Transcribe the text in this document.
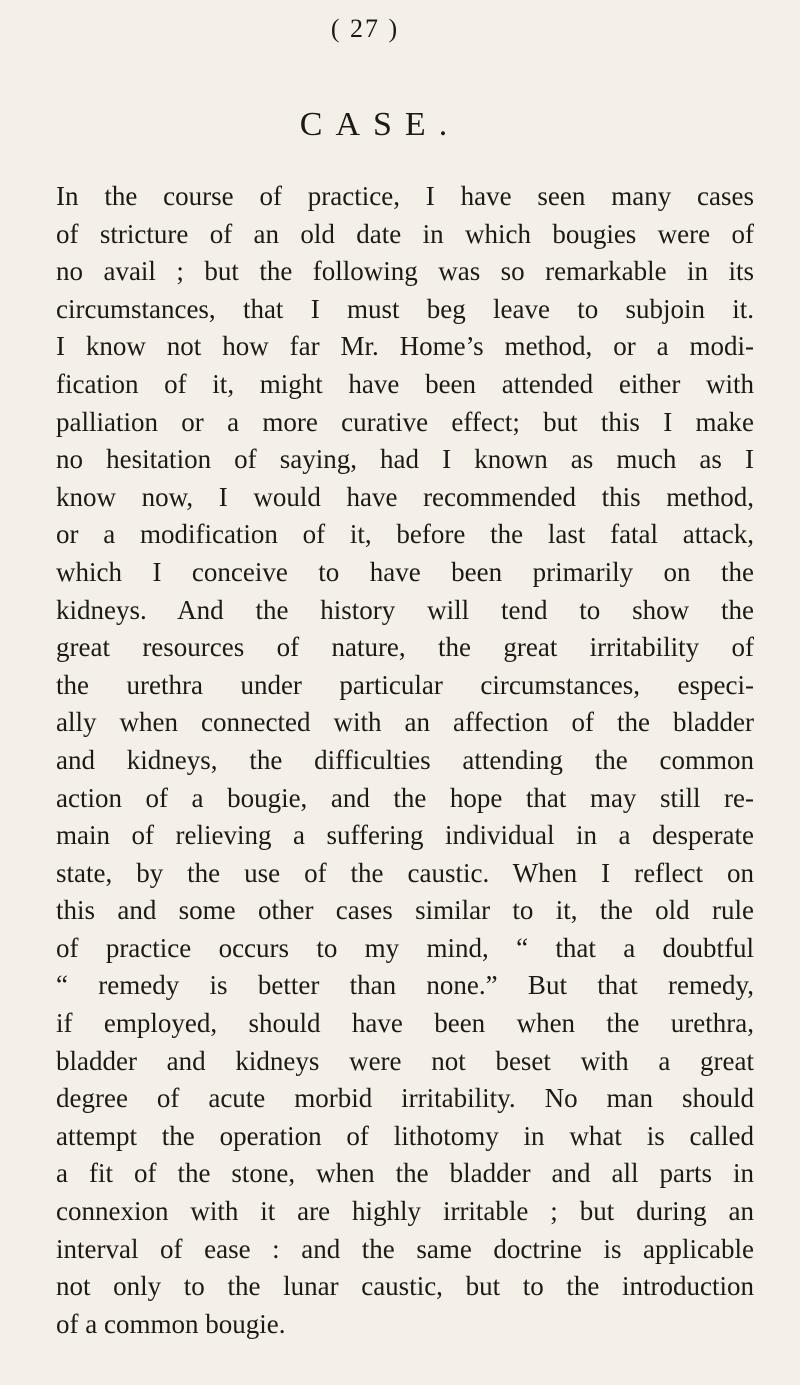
( 27 )
CASE.
In the course of practice, I have seen many cases
of stricture of an old date in which bougies were of
no avail ; but the following was so remarkable in its
circumstances, that I must beg leave to subjoin it.
I know not how far Mr. Home’s method, or a modi-
fication of it, might have been attended either with
palliation or a more curative effect; but this I make
no hesitation of saying, had I known as much as I
know now, I would have recommended this method,
or a modification of it, before the last fatal attack,
which I conceive to have been primarily on the
kidneys. And the history will tend to show the
great resources of nature, the great irritability of
the urethra under particular circumstances, especi-
ally when connected with an affection of the bladder
and kidneys, the difficulties attending the common
action of a bougie, and the hope that may still re-
main of relieving a suffering individual in a desperate
state, by the use of the caustic. When I reflect on
this and some other cases similar to it, the old rule
of practice occurs to my mind, “ that a doubtful
“ remedy is better than none.” But that remedy,
if employed, should have been when the urethra,
bladder and kidneys were not beset with a great
degree of acute morbid irritability. No man should
attempt the operation of lithotomy in what is called
a fit of the stone, when the bladder and all parts in
connexion with it are highly irritable ; but during an
interval of ease : and the same doctrine is applicable
not only to the lunar caustic, but to the introduction
of a common bougie.
